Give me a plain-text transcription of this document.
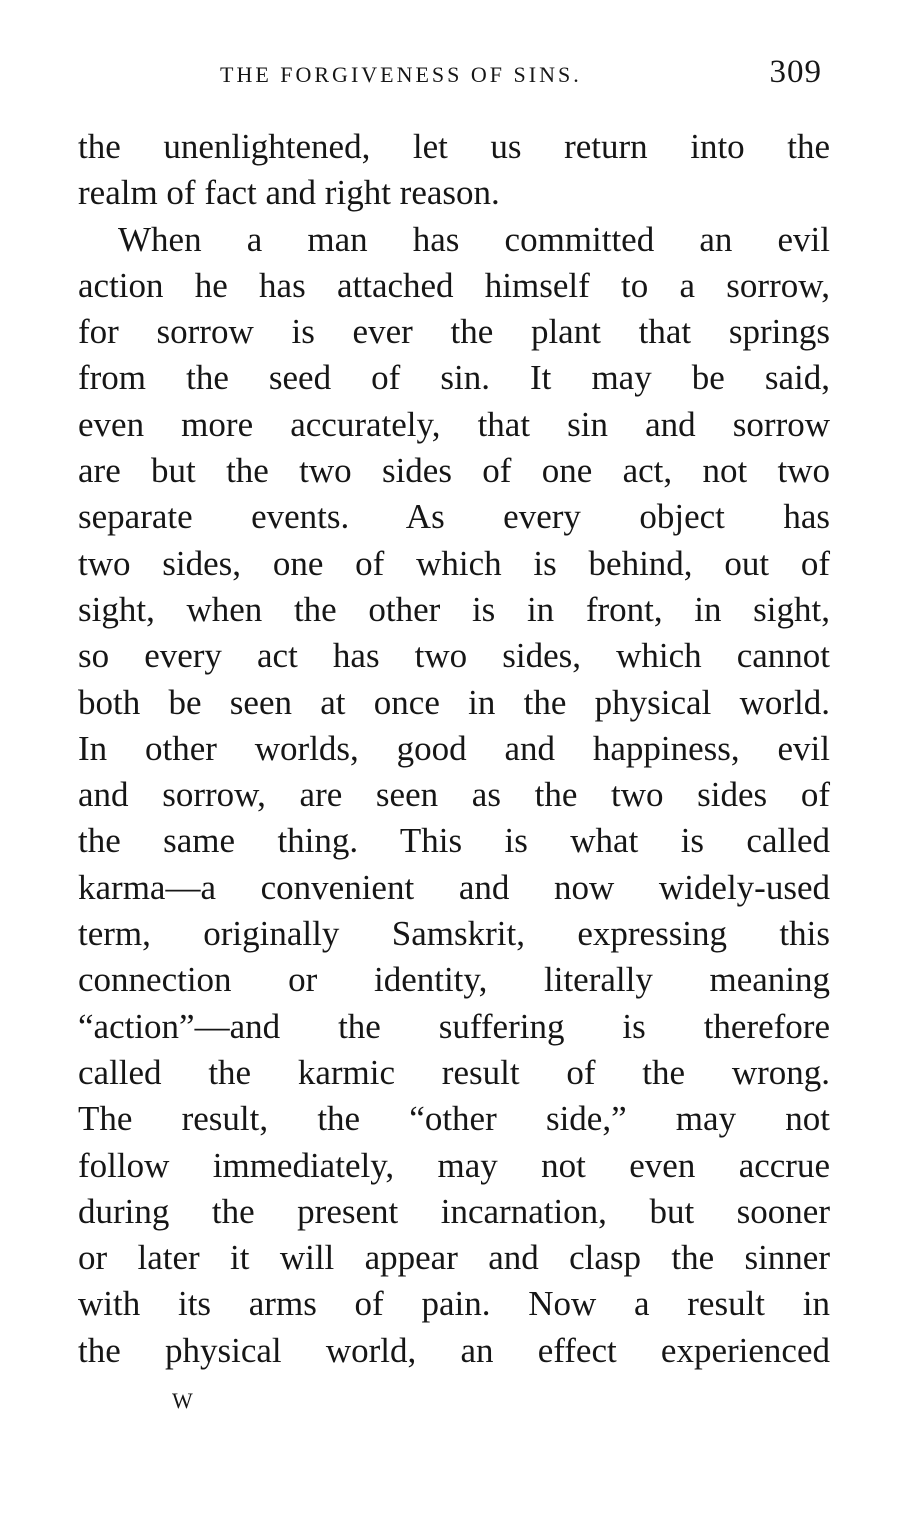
THE FORGIVENESS OF SINS.	309
the unenlightened, let us return into the
realm of fact and right reason.
When a man has committed an evil
action he has attached himself to a sorrow,
for sorrow is ever the plant that springs
from the seed of sin. It may be said,
even more accurately, that sin and sorrow
are but the two sides of one act, not two
separate events. As every object has
two sides, one of which is behind, out of
sight, when the other is in front, in sight,
so every act has two sides, which cannot
both be seen at once in the physical world.
In other worlds, good and happiness, evil
and sorrow, are seen as the two sides of
the same thing. This is what is called
karma—a convenient and now widely-used
term, originally Samskrit, expressing this
connection or identity, literally meaning
“action”—and the suffering is therefore
called the karmic result of the wrong.
The result, the “other side,” may not
follow immediately, may not even accrue
during the present incarnation, but sooner
or later it will appear and clasp the sinner
with its arms of pain. Now a result in
the physical world, an effect experienced
W
